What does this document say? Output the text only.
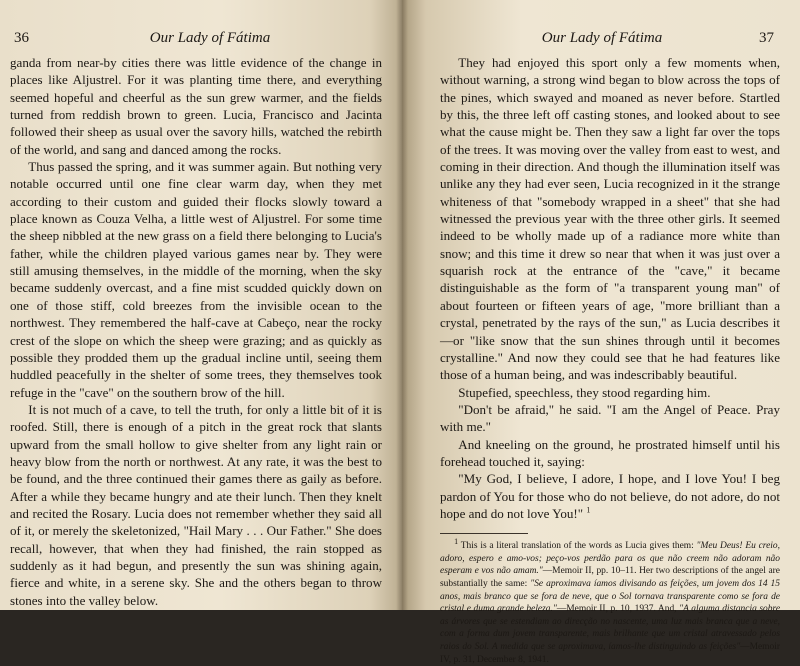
36	Our Lady of Fátima

ganda from near-by cities there was little evidence of the change in places like Aljustrel. For it was planting time there, and everything seemed hopeful and cheerful as the sun grew warmer, and the fields turned from reddish brown to green. Lucia, Francisco and Jacinta followed their sheep as usual over the savory hills, watched the rebirth of the world, and sang and danced among the rocks.

Thus passed the spring, and it was summer again. But nothing very notable occurred until one fine clear warm day, when they met according to their custom and guided their flocks slowly toward a place known as Couza Velha, a little west of Aljustrel. For some time the sheep nibbled at the new grass on a field there belonging to Lucia's father, while the children played various games near by. They were still amusing themselves, in the middle of the morning, when the sky became suddenly overcast, and a fine mist scudded quickly down on one of those stiff, cold breezes from the invisible ocean to the northwest. They remembered the half-cave at Cabeço, near the rocky crest of the slope on which the sheep were grazing; and as quickly as possible they prodded them up the gradual incline until, seeing them huddled peacefully in the shelter of some trees, they themselves took refuge in the "cave" on the southern brow of the hill.

It is not much of a cave, to tell the truth, for only a little bit of it is roofed. Still, there is enough of a pitch in the great rock that slants upward from the small hollow to give shelter from any light rain or heavy blow from the north or northwest. At any rate, it was the best to be found, and the three continued their games there as gaily as before. After a while they became hungry and ate their lunch. Then they knelt and recited the Rosary. Lucia does not remember whether they said all of it, or merely the skeletonized, "Hail Mary . . . Our Father." She does recall, however, that when they had finished, the rain stopped as suddenly as it had begun, and presently the sun was shining again, fierce and white, in a serene sky. She and the others began to throw stones into the valley below.

Our Lady of Fátima	37

They had enjoyed this sport only a few moments when, without warning, a strong wind began to blow across the tops of the pines, which swayed and moaned as never before. Startled by this, the three left off casting stones, and looked about to see what the cause might be. Then they saw a light far over the tops of the trees. It was moving over the valley from east to west, and coming in their direction. And though the illumination itself was unlike any they had ever seen, Lucia recognized in it the strange whiteness of that "somebody wrapped in a sheet" that she had witnessed the previous year with the three other girls. It seemed indeed to be wholly made up of a radiance more white than snow; and this time it drew so near that when it was just over a squarish rock at the entrance of the "cave," it became distinguishable as the form of "a transparent young man" of about fourteen or fifteen years of age, "more brilliant than a crystal, penetrated by the rays of the sun," as Lucia describes it—or "like snow that the sun shines through until it becomes crystalline." And now they could see that he had features like those of a human being, and was indescribably beautiful.

Stupefied, speechless, they stood regarding him.

"Don't be afraid," he said. "I am the Angel of Peace. Pray with me."

And kneeling on the ground, he prostrated himself until his forehead touched it, saying:

"My God, I believe, I adore, I hope, and I love You! I beg pardon of You for those who do not believe, do not adore, do not hope and do not love You!" $^1$

$^1$ This is a literal translation of the words as Lucia gives them: "Meu Deus! Eu creio, adoro, espero e amo-vos; peço-vos perdão para os que não creem não adoram não esperam e vos não amam."—Memoir II, pp. 10–11. Her two descriptions of the angel are substantially the same: "Se aproximava íamos divisando as feições, um jovem dos 14 15 anos, mais branco que se fora de neve, que o Sol tornava transparente como se fora de cristal e duma grande beleza."—Memoir II, p. 10, 1937. And, "A alguma distancia sobre as árvores que se estendiam ao direcção no nascente, uma luz mais branca que a neve, com a forma dum jovem transparente, mais brilhante que um cristal atravessado pelos raios do Sol. A medida que se aproximava, íamos-lhe distinguindo as feições"—Memoir IV, p. 31, December 8, 1941.
